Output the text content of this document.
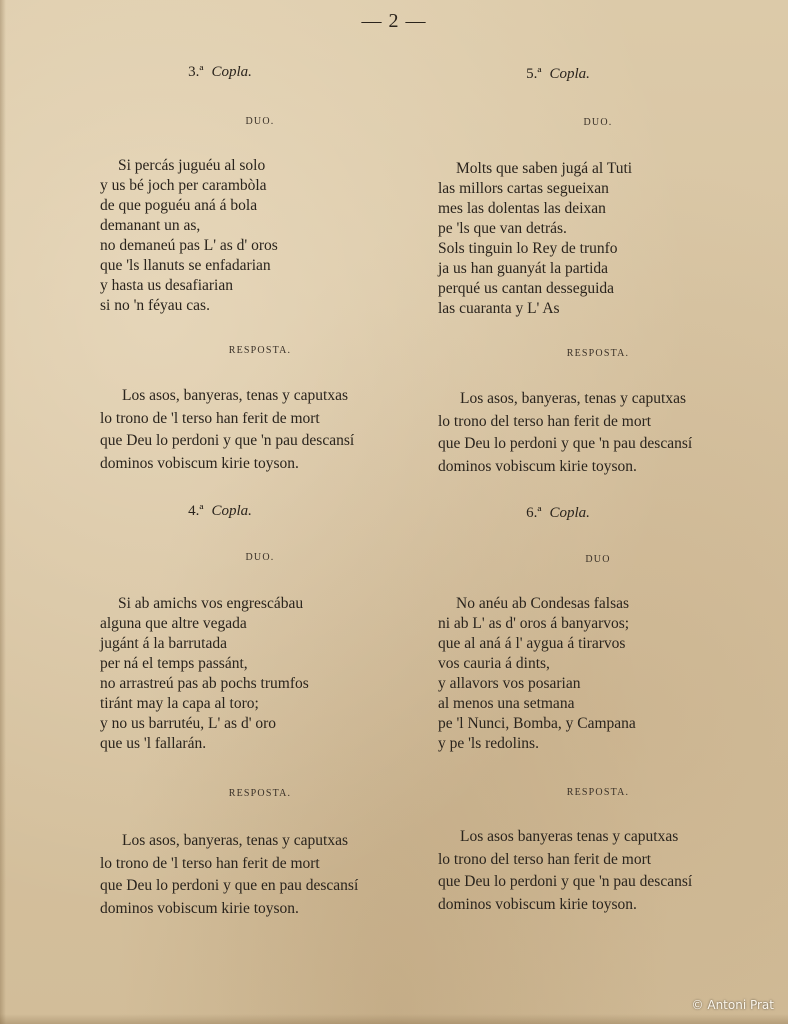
— 2 —
3.ª Copla.
DUO.
Si percás juguéu al solo
y us bé joch per carambòla
de que poguéu aná á bola
demanant un as,
no demaneú pas L' as d' oros
que 'ls llanuts se enfadarian
y hasta us desafiarian
si no 'n féyau cas.
RESPOSTA.
Los asos, banyeras, tenas y caputxas
lo trono de 'l terso han ferit de mort
que Deu lo perdoni y que 'n pau descansí
dominos vobiscum kirie toyson.
4.ª Copla.
DUO.
Si ab amichs vos engrescábau
alguna que altre vegada
jugánt á la barrutada
per ná el temps passánt,
no arrastreú pas ab pochs trumfos
tiránt may la capa al toro;
y no us barrutéu, L' as d' oro
que us 'l fallarán.
RESPOSTA.
Los asos, banyeras, tenas y caputxas
lo trono de 'l terso han ferit de mort
que Deu lo perdoni y que en pau descansí
dominos vobiscum kirie toyson.
5.ª Copla.
DUO.
Molts que saben jugá al Tuti
las millors cartas segueixan
mes las dolentas las deixan
pe 'ls que van detrás.
Sols tinguin lo Rey de trunfo
ja us han guanyát la partida
perqué us cantan desseguida
las cuaranta y L' As
RESPOSTA.
Los asos, banyeras, tenas y caputxas
lo trono del terso han ferit de mort
que Deu lo perdoni y que 'n pau descansí
dominos vobiscum kirie toyson.
6.ª Copla.
DUO
No anéu ab Condesas falsas
ni ab L' as d' oros á banyarvos;
que al aná á l' aygua á tirarvos
vos cauria á dints,
y allavors vos posarian
al menos una setmana
pe 'l Nunci, Bomba, y Campana
y pe 'ls redolins.
RESPOSTA.
Los asos banyeras tenas y caputxas
lo trono del terso han ferit de mort
que Deu lo perdoni y que 'n pau descansí
dominos vobiscum kirie toyson.
© Antoni Prat
